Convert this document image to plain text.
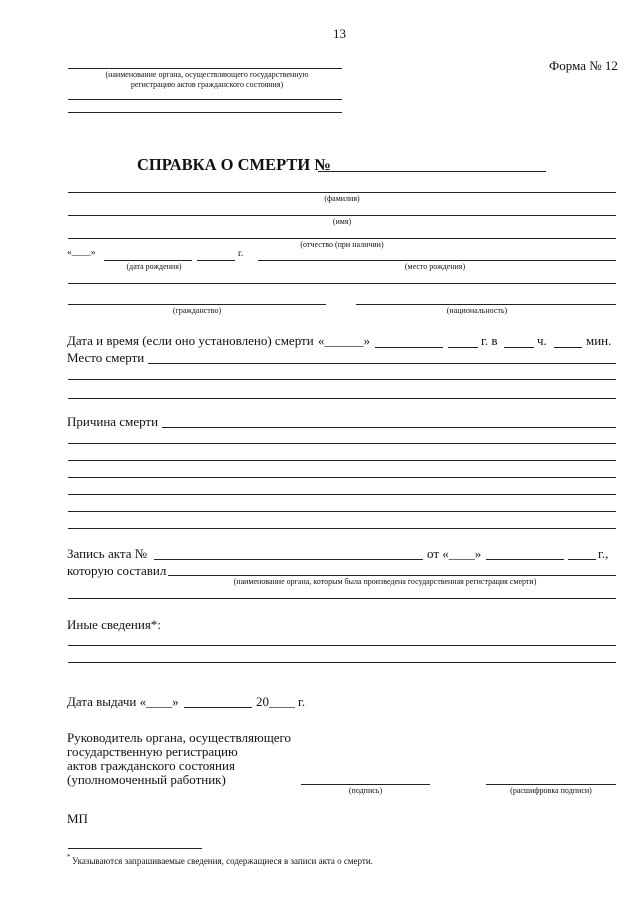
13
Форма № 12
(наименование органа, осуществляющего государственную
регистрацию актов гражданского состояния)
СПРАВКА О СМЕРТИ №
(фамилия)
(имя)
(отчество (при наличии)
«____»	г.
(дата рождения)	(место рождения)
(гражданство)	(национальность)
Дата и время (если оно установлено) смерти «______»	г. в	ч.	мин.
Место смерти
Причина смерти
Запись акта №	от «____»	г.,
которую составил
(наименование органа, которым была произведена государственная регистрация смерти)
Иные сведения*:
Дата выдачи «____»	20____ г.
Руководитель органа, осуществляющего
государственную регистрацию
актов гражданского состояния
(уполномоченный работник)
(подпись)	(расшифровка подписи)
МП
* Указываются запрашиваемые сведения, содержащиеся в записи акта о смерти.
